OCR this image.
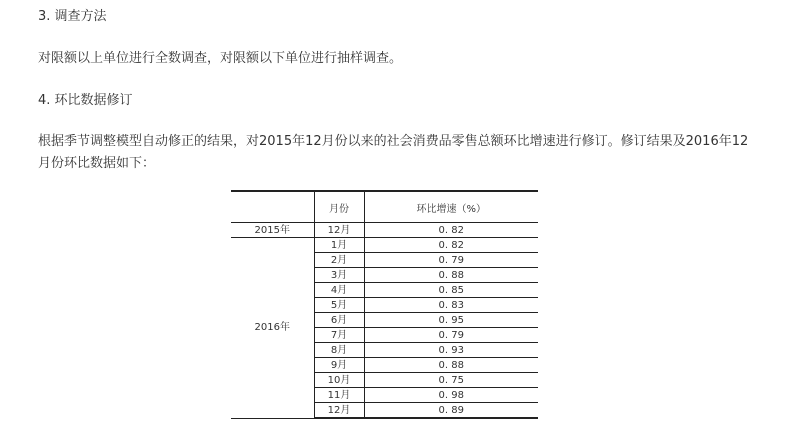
3. 调查方法

对限额以上单位进行全数调查，对限额以下单位进行抽样调查。

4. 环比数据修订

根据季节调整模型自动修正的结果，对2015年12月份以来的社会消费品零售总额环比增速进行修订。修订结果及2016年12月份环比数据如下：

	月份	环比增速（%）
2015年	12月	0. 82
2016年	1月	0. 82
	2月	0. 79
	3月	0. 88
	4月	0. 85
	5月	0. 83
	6月	0. 95
	7月	0. 79
	8月	0. 93
	9月	0. 88
	10月	0. 75
	11月	0. 98
	12月	0. 89
